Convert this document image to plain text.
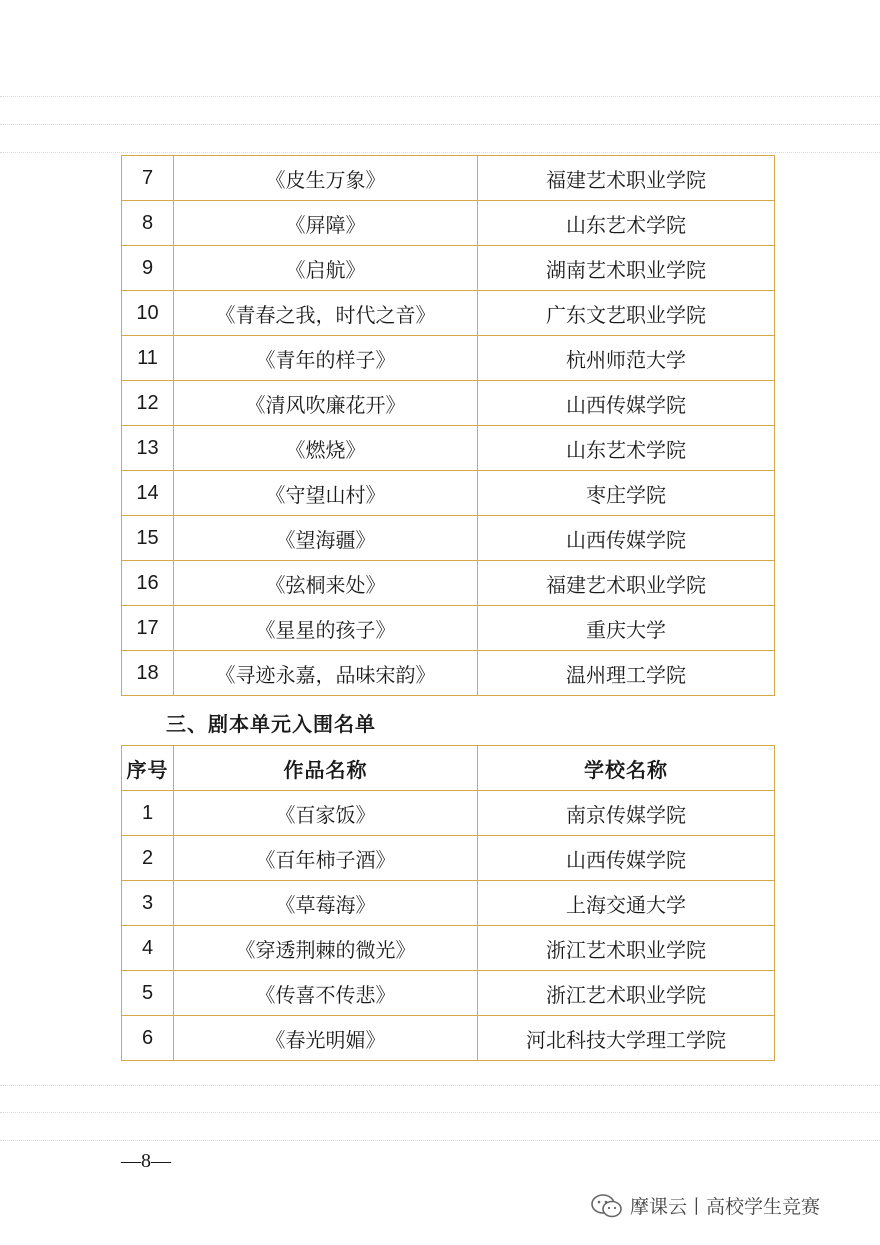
7	《皮生万象》	福建艺术职业学院
8	《屏障》	山东艺术学院
9	《启航》	湖南艺术职业学院
10	《青春之我，时代之音》	广东文艺职业学院
11	《青年的样子》	杭州师范大学
12	《清风吹廉花开》	山西传媒学院
13	《燃烧》	山东艺术学院
14	《守望山村》	枣庄学院
15	《望海疆》	山西传媒学院
16	《弦桐来处》	福建艺术职业学院
17	《星星的孩子》	重庆大学
18	《寻迹永嘉，品味宋韵》	温州理工学院
三、剧本单元入围名单
序号	作品名称	学校名称
1	《百家饭》	南京传媒学院
2	《百年柿子酒》	山西传媒学院
3	《草莓海》	上海交通大学
4	《穿透荆棘的微光》	浙江艺术职业学院
5	《传喜不传悲》	浙江艺术职业学院
6	《春光明媚》	河北科技大学理工学院
—8—
摩课云丨高校学生竞赛
